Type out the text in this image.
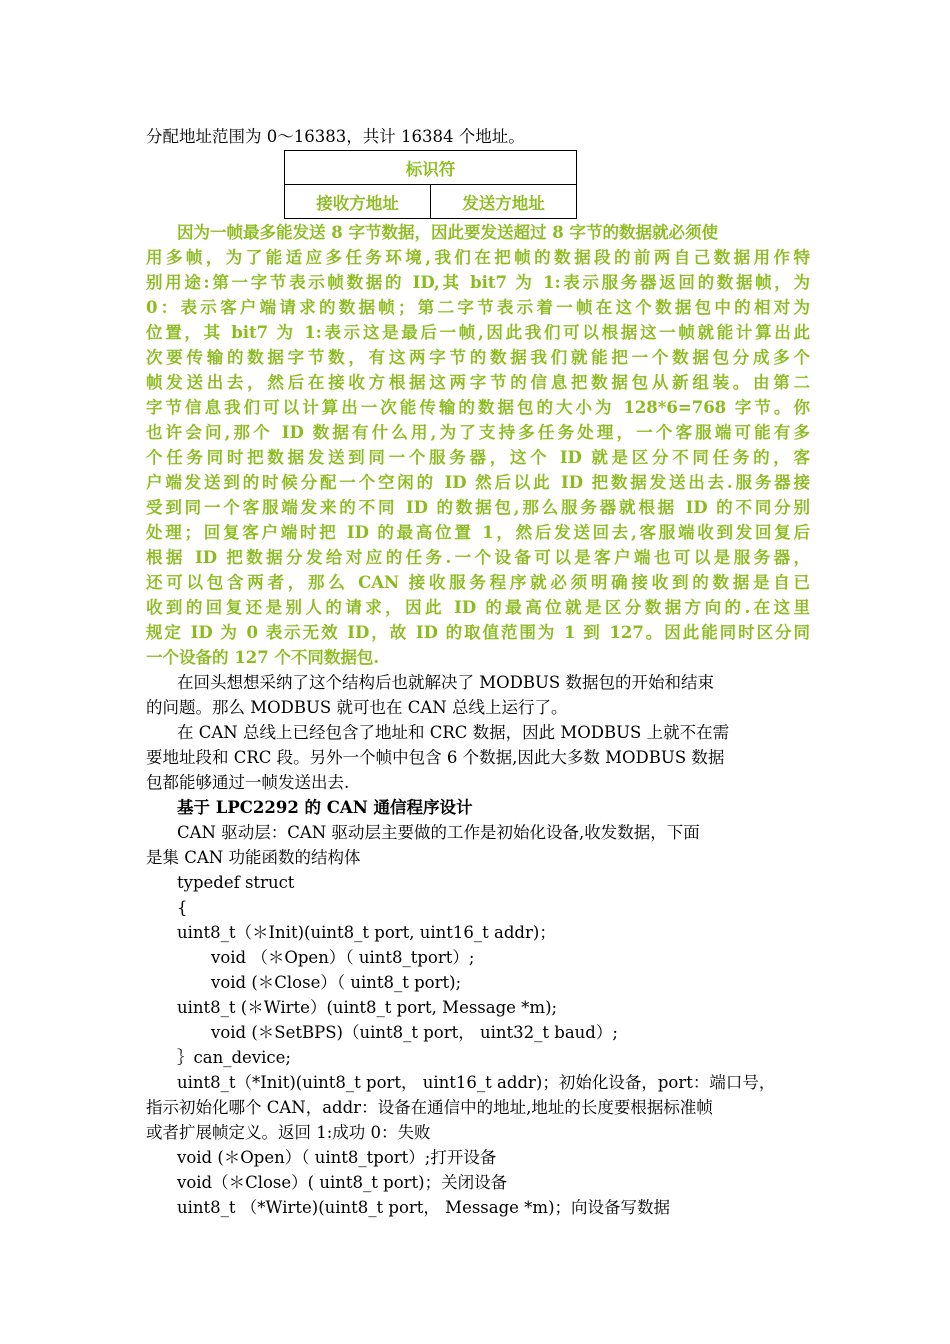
分配地址范围为 0～16383，共计 16384 个地址。
标识符
接收方地址	发送方地址
因为一帧最多能发送 8 字节数据，因此要发送超过 8 字节的数据就必须使
用多帧，为了能适应多任务环境,我们在把帧的数据段的前两自己数据用作特
别用途:第一字节表示帧数据的 ID,其 bit7 为 1:表示服务器返回的数据帧，为
0：表示客户端请求的数据帧；第二字节表示着一帧在这个数据包中的相对为
位置，其 bit7 为 1:表示这是最后一帧,因此我们可以根据这一帧就能计算出此
次要传输的数据字节数，有这两字节的数据我们就能把一个数据包分成多个
帧发送出去，然后在接收方根据这两字节的信息把数据包从新组装。由第二
字节信息我们可以计算出一次能传输的数据包的大小为 128*6=768 字节。你
也许会问,那个 ID 数据有什么用,为了支持多任务处理，一个客服端可能有多
个任务同时把数据发送到同一个服务器，这个 ID 就是区分不同任务的，客
户端发送到的时候分配一个空闲的 ID 然后以此 ID 把数据发送出去.服务器接
受到同一个客服端发来的不同 ID 的数据包,那么服务器就根据 ID 的不同分别
处理；回复客户端时把 ID 的最高位置 1，然后发送回去,客服端收到发回复后
根据 ID 把数据分发给对应的任务.一个设备可以是客户端也可以是服务器，
还可以包含两者，那么 CAN 接收服务程序就必须明确接收到的数据是自已
收到的回复还是别人的请求，因此 ID 的最高位就是区分数据方向的.在这里
规定 ID 为 0 表示无效 ID，故 ID 的取值范围为 1 到 127。因此能同时区分同
一个设备的 127 个不同数据包.
在回头想想采纳了这个结构后也就解决了 MODBUS 数据包的开始和结束
的问题。那么 MODBUS 就可也在 CAN 总线上运行了。
在 CAN 总线上已经包含了地址和 CRC 数据，因此 MODBUS 上就不在需
要地址段和 CRC 段。另外一个帧中包含 6 个数据,因此大多数 MODBUS 数据
包都能够通过一帧发送出去.
基于 LPC2292 的 CAN 通信程序设计
CAN 驱动层：CAN 驱动层主要做的工作是初始化设备,收发数据，下面
是集 CAN 功能函数的结构体
typedef struct
{
uint8_t（＊Init)(uint8_t port, uint16_t addr)；
void （＊Open）（ uint8_tport）;
void (＊Close）（ uint8_t port);
uint8_t (＊Wirte）(uint8_t port, Message *m);
void (＊SetBPS)（uint8_t port， uint32_t baud）;
｝can_device;
uint8_t（*Init)(uint8_t port， uint16_t addr)；初始化设备，port：端口号，
指示初始化哪个 CAN，addr：设备在通信中的地址,地址的长度要根据标准帧
或者扩展帧定义。返回 1:成功 0：失败
void (＊Open）（ uint8_tport）;打开设备
void（＊Close）( uint8_t port)；关闭设备
uint8_t （*Wirte)(uint8_t port， Message *m)；向设备写数据
